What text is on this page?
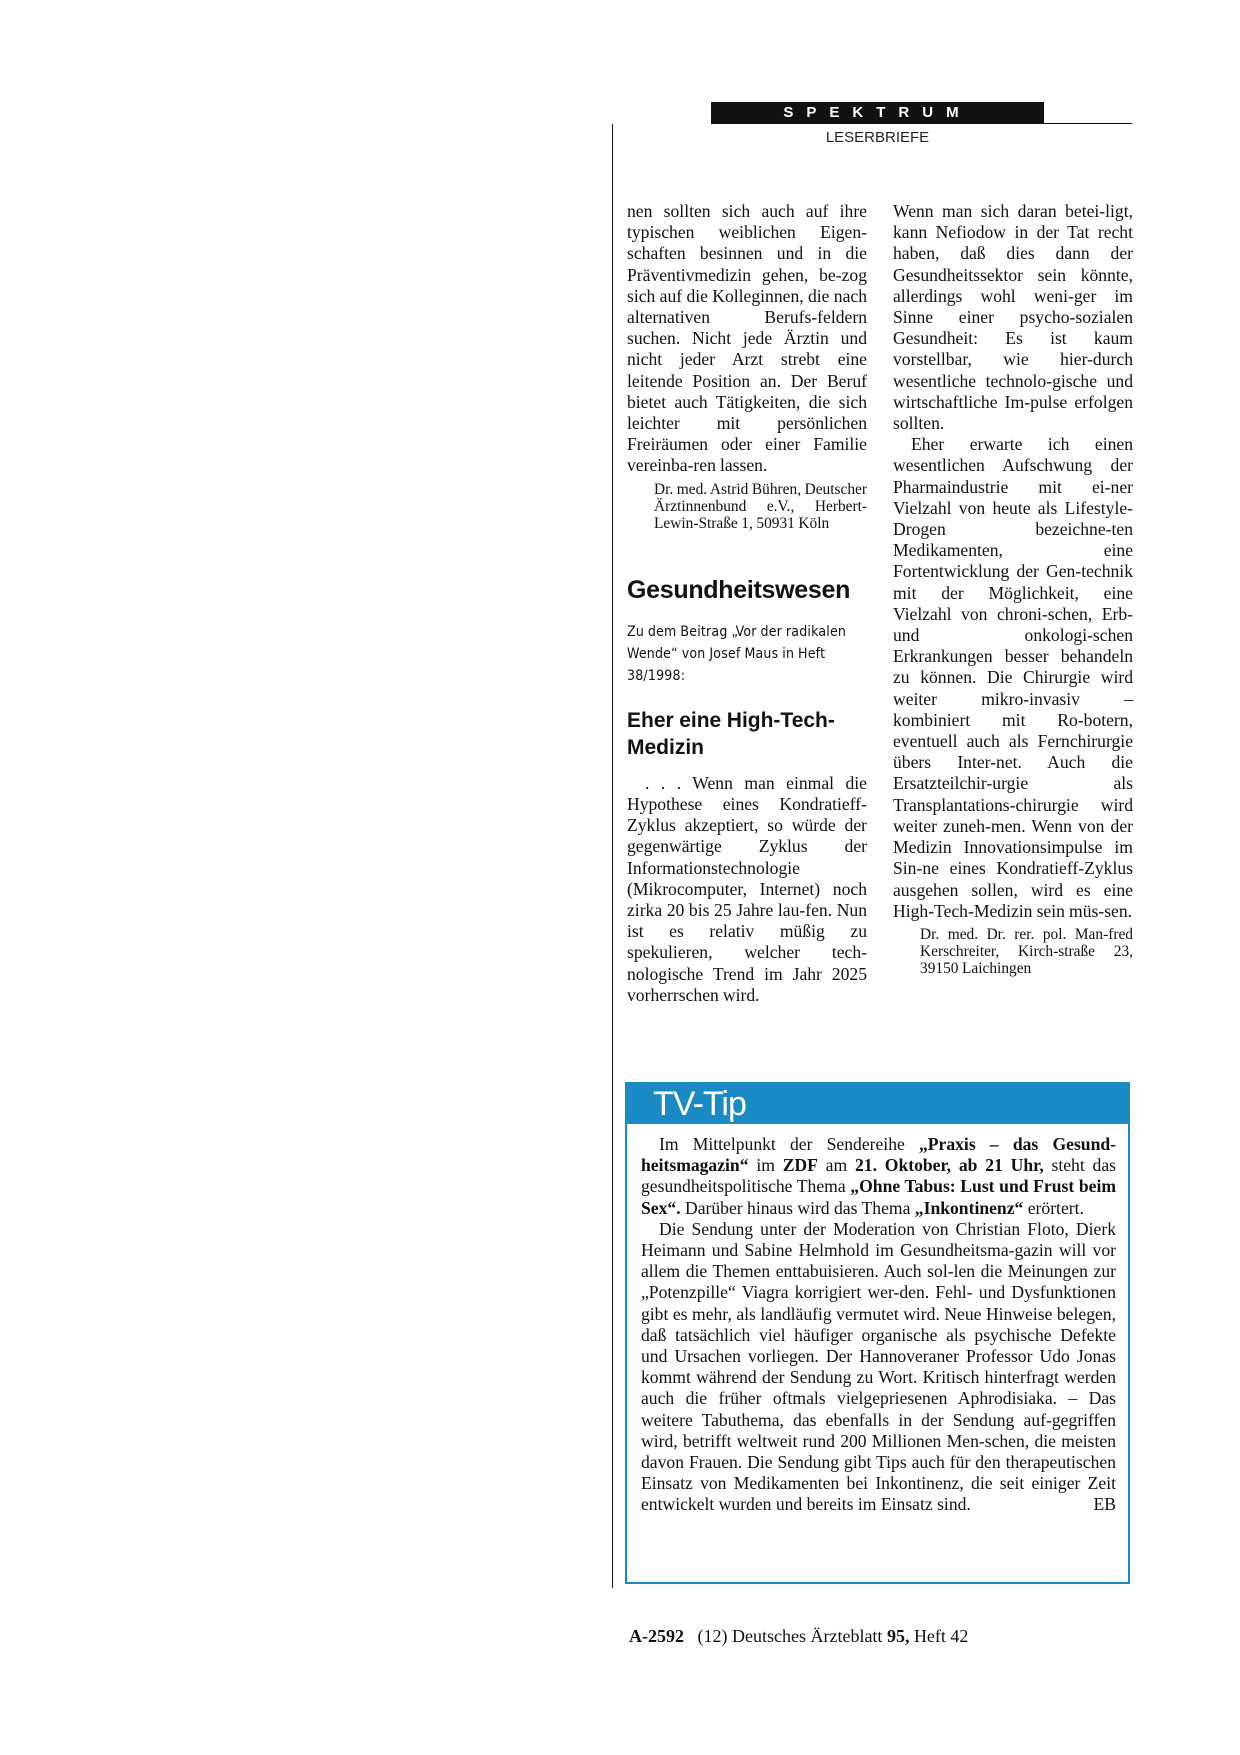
SPEKTRUM
LESERBRIEFE

nen sollten sich auch auf ihre typischen weiblichen Eigen-schaften besinnen und in die Präventivmedizin gehen, be-zog sich auf die Kolleginnen, die nach alternativen Berufs-feldern suchen. Nicht jede Ärztin und nicht jeder Arzt strebt eine leitende Position an. Der Beruf bietet auch Tätigkeiten, die sich leichter mit persönlichen Freiräumen oder einer Familie vereinba-ren lassen.

Dr. med. Astrid Bühren, Deutscher Ärztinnenbund e.V., Herbert-Lewin-Straße 1, 50931 Köln

Gesundheitswesen

Zu dem Beitrag „Vor der radikalen Wende“ von Josef Maus in Heft 38/1998:

Eher eine High-Tech-Medizin

. . . Wenn man einmal die Hypothese eines Kondratieff-Zyklus akzeptiert, so würde der gegenwärtige Zyklus der Informationstechnologie (Mikrocomputer, Internet) noch zirka 20 bis 25 Jahre lau-fen. Nun ist es relativ müßig zu spekulieren, welcher tech-nologische Trend im Jahr 2025 vorherrschen wird.

Wenn man sich daran betei-ligt, kann Nefiodow in der Tat recht haben, daß dies dann der Gesundheitssektor sein könnte, allerdings wohl weni-ger im Sinne einer psycho-sozialen Gesundheit: Es ist kaum vorstellbar, wie hier-durch wesentliche technolo-gische und wirtschaftliche Im-pulse erfolgen sollten.

Eher erwarte ich einen wesentlichen Aufschwung der Pharmaindustrie mit ei-ner Vielzahl von heute als Lifestyle-Drogen bezeichne-ten Medikamenten, eine Fortentwicklung der Gen-technik mit der Möglichkeit, eine Vielzahl von chroni-schen, Erb- und onkologi-schen Erkrankungen besser behandeln zu können. Die Chirurgie wird weiter mikro-invasiv – kombiniert mit Ro-botern, eventuell auch als Fernchirurgie übers Inter-net. Auch die Ersatzteilchir-urgie als Transplantations-chirurgie wird weiter zuneh-men. Wenn von der Medizin Innovationsimpulse im Sin-ne eines Kondratieff-Zyklus ausgehen sollen, wird es eine High-Tech-Medizin sein müs-sen.

Dr. med. Dr. rer. pol. Man-fred Kerschreiter, Kirch-straße 23, 39150 Laichingen

TV-Tip

Im Mittelpunkt der Sendereihe „Praxis – das Gesund-heitsmagazin“ im ZDF am 21. Oktober, ab 21 Uhr, steht das gesundheitspolitische Thema „Ohne Tabus: Lust und Frust beim Sex“. Darüber hinaus wird das Thema „Inkontinenz“ erörtert.

Die Sendung unter der Moderation von Christian Floto, Dierk Heimann und Sabine Helmhold im Gesundheitsma-gazin will vor allem die Themen enttabuisieren. Auch sol-len die Meinungen zur „Potenzpille“ Viagra korrigiert wer-den. Fehl- und Dysfunktionen gibt es mehr, als landläufig vermutet wird. Neue Hinweise belegen, daß tatsächlich viel häufiger organische als psychische Defekte und Ursachen vorliegen. Der Hannoveraner Professor Udo Jonas kommt während der Sendung zu Wort. Kritisch hinterfragt werden auch die früher oftmals vielgepriesenen Aphrodisiaka. – Das weitere Tabuthema, das ebenfalls in der Sendung auf-gegriffen wird, betrifft weltweit rund 200 Millionen Men-schen, die meisten davon Frauen. Die Sendung gibt Tips auch für den therapeutischen Einsatz von Medikamenten bei Inkontinenz, die seit einiger Zeit entwickelt wurden und bereits im Einsatz sind.	EB

A-2592 (12) Deutsches Ärzteblatt 95, Heft 42
